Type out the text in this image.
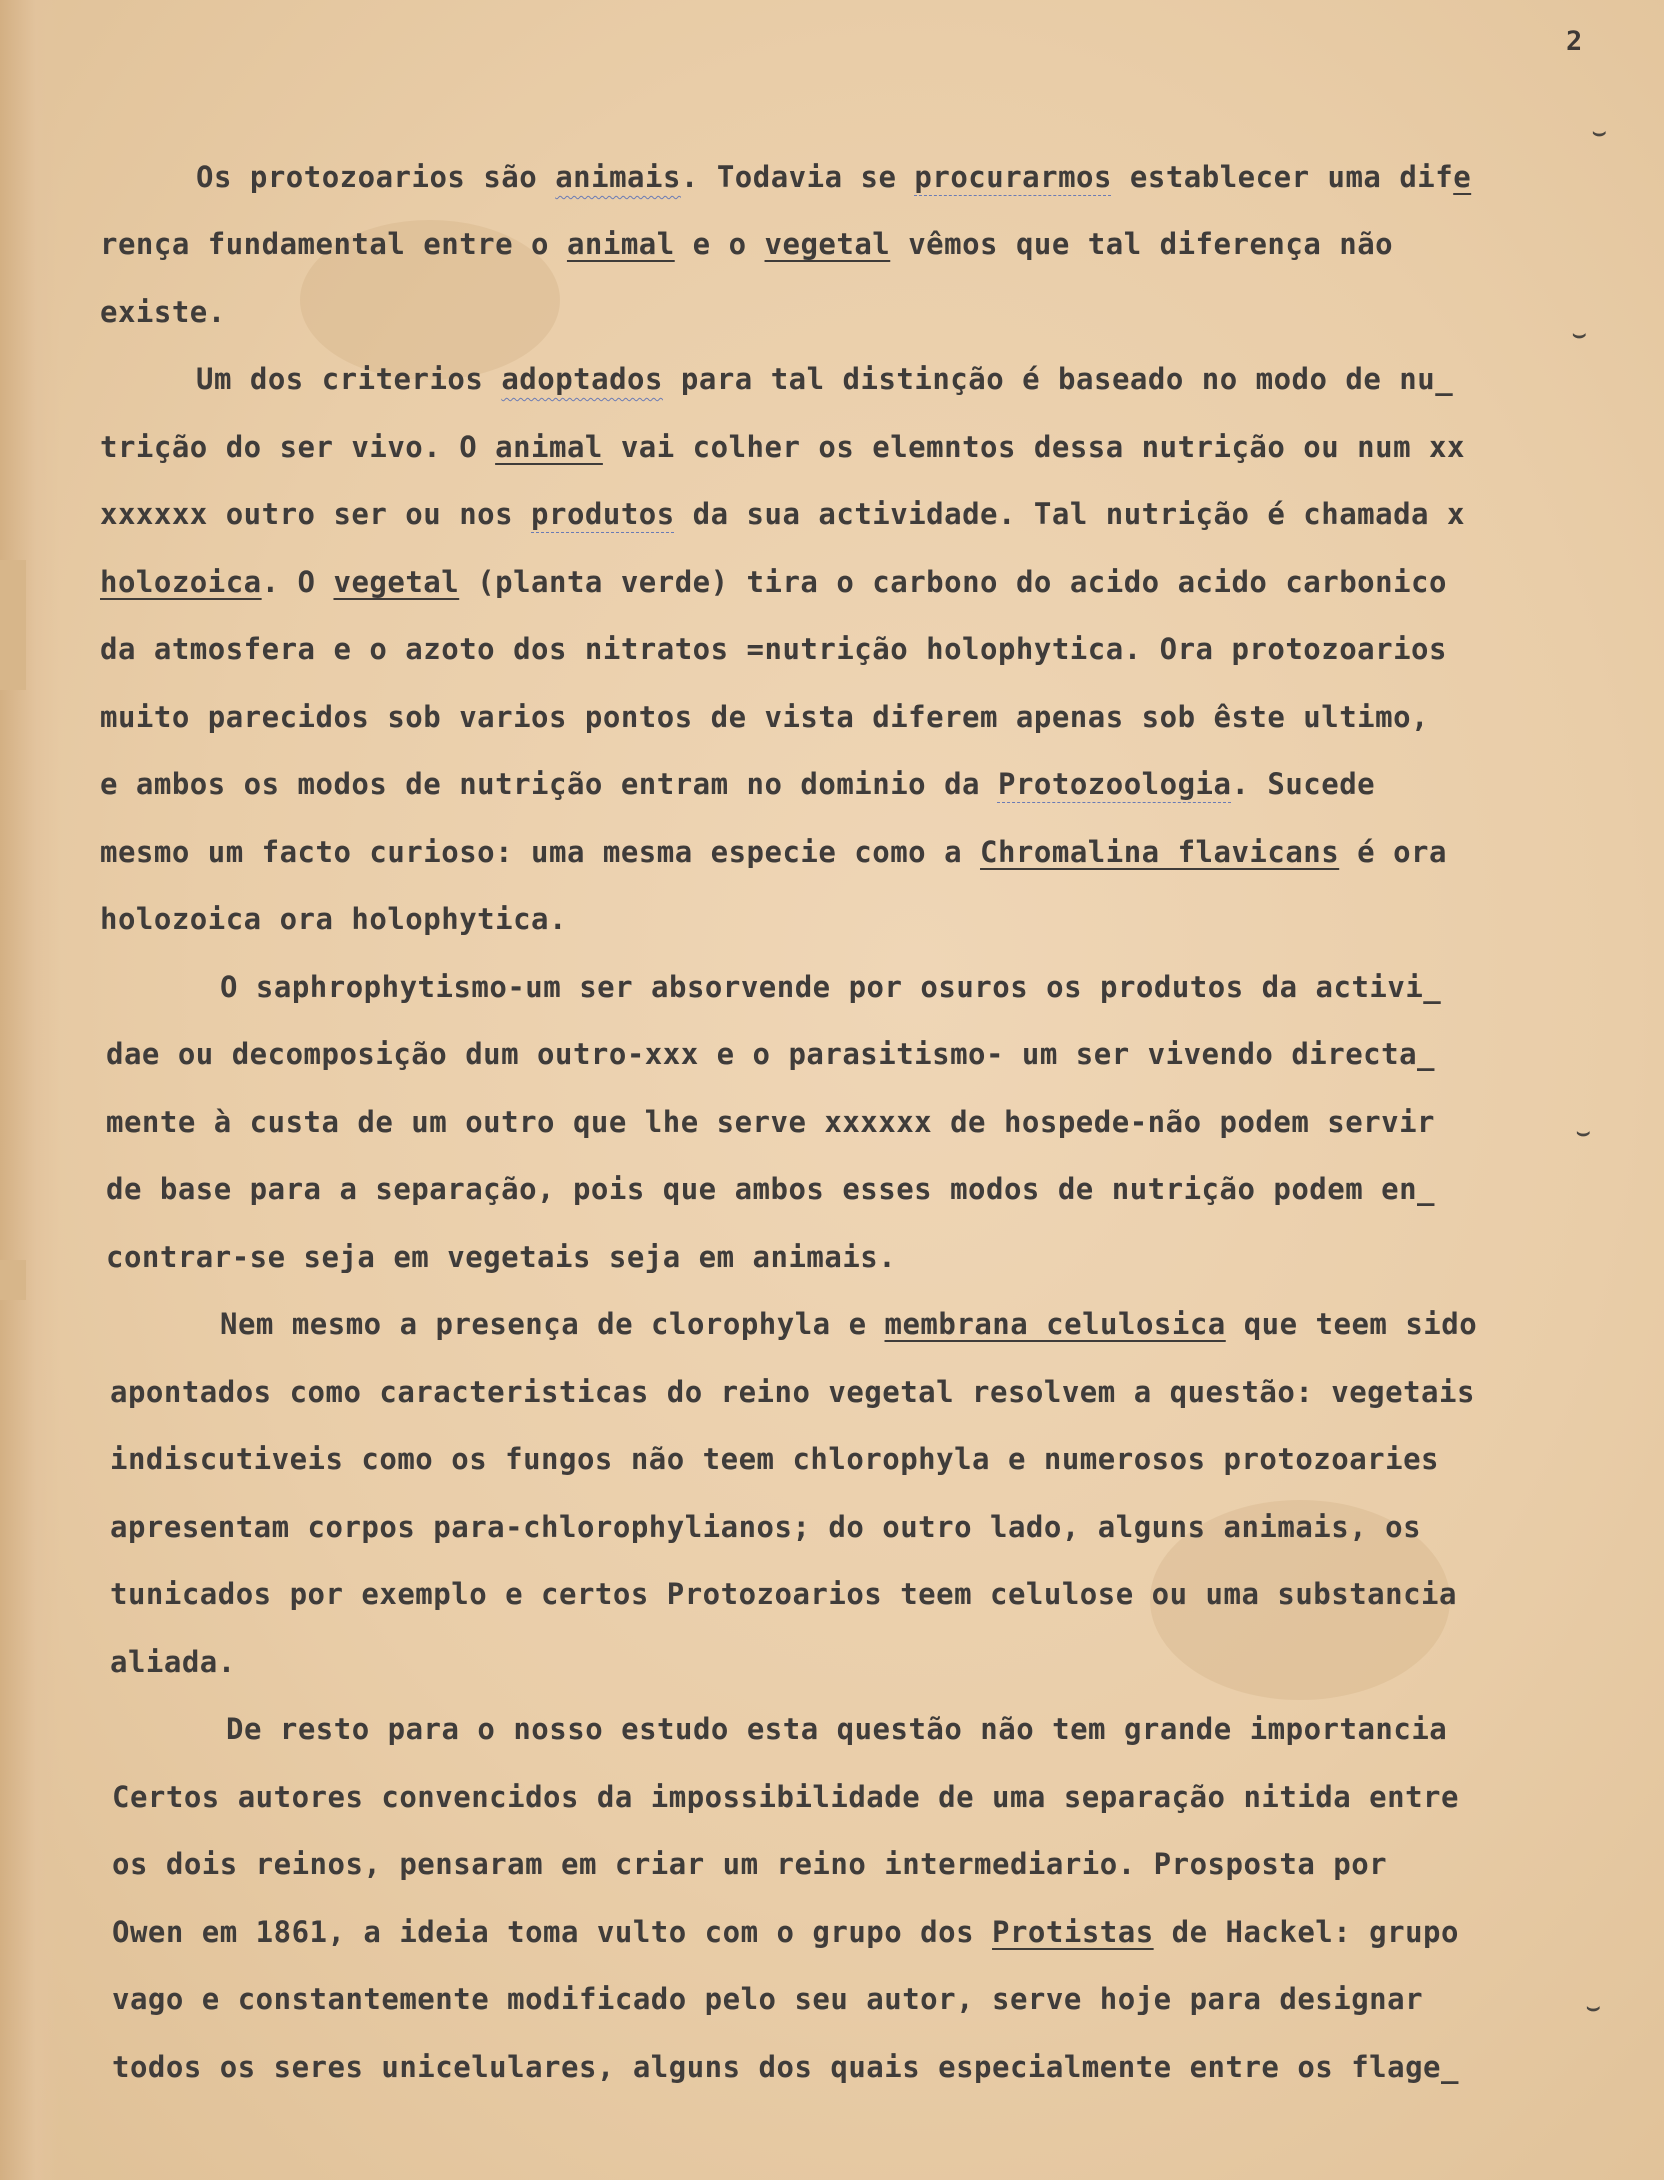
2
Os protozoarios são animais. Todavia se procurarmos establecer uma dife
rença fundamental entre o animal e o vegetal vêmos que tal diferença não
existe.
Um dos criterios adoptados para tal distinção é baseado no modo de nu_
trição do ser vivo. O animal vai colher os elemntos dessa nutrição ou num xx
xxxxxx outro ser ou nos produtos da sua actividade. Tal nutrição é chamada x
holozoica. O vegetal (planta verde) tira o carbono do acido acido carbonico
da atmosfera e o azoto dos nitratos =nutrição holophytica. Ora protozoarios
muito parecidos sob varios pontos de vista diferem apenas sob êste ultimo,
e ambos os modos de nutrição entram no dominio da Protozoologia. Sucede
mesmo um facto curioso: uma mesma especie como a Chromalina flavicans é ora
holozoica ora holophytica.
O saphrophytismo-um ser absorvende por osuros os produtos da activi_
dae ou decomposição dum outro-xxx e o parasitismo- um ser vivendo directa_
mente à custa de um outro que lhe serve xxxxxx de hospede-não podem servir
de base para a separação, pois que ambos esses modos de nutrição podem en_
contrar-se seja em vegetais seja em animais.
Nem mesmo a presença de clorophyla e membrana celulosica que teem sido
apontados como caracteristicas do reino vegetal resolvem a questão: vegetais
indiscutiveis como os fungos não teem chlorophyla e numerosos protozoaries
apresentam corpos para-chlorophylianos; do outro lado, alguns animais, os
tunicados por exemplo e certos Protozoarios teem celulose ou uma substancia
aliada.
De resto para o nosso estudo esta questão não tem grande importancia
Certos autores convencidos da impossibilidade de uma separação nitida entre
os dois reinos, pensaram em criar um reino intermediario. Prosposta por
Owen em 1861, a ideia toma vulto com o grupo dos Protistas de Hackel: grupo
vago e constantemente modificado pelo seu autor, serve hoje para designar
todos os seres unicelulares, alguns dos quais especialmente entre os flage_
⌣
⌣
⌣
⌣
